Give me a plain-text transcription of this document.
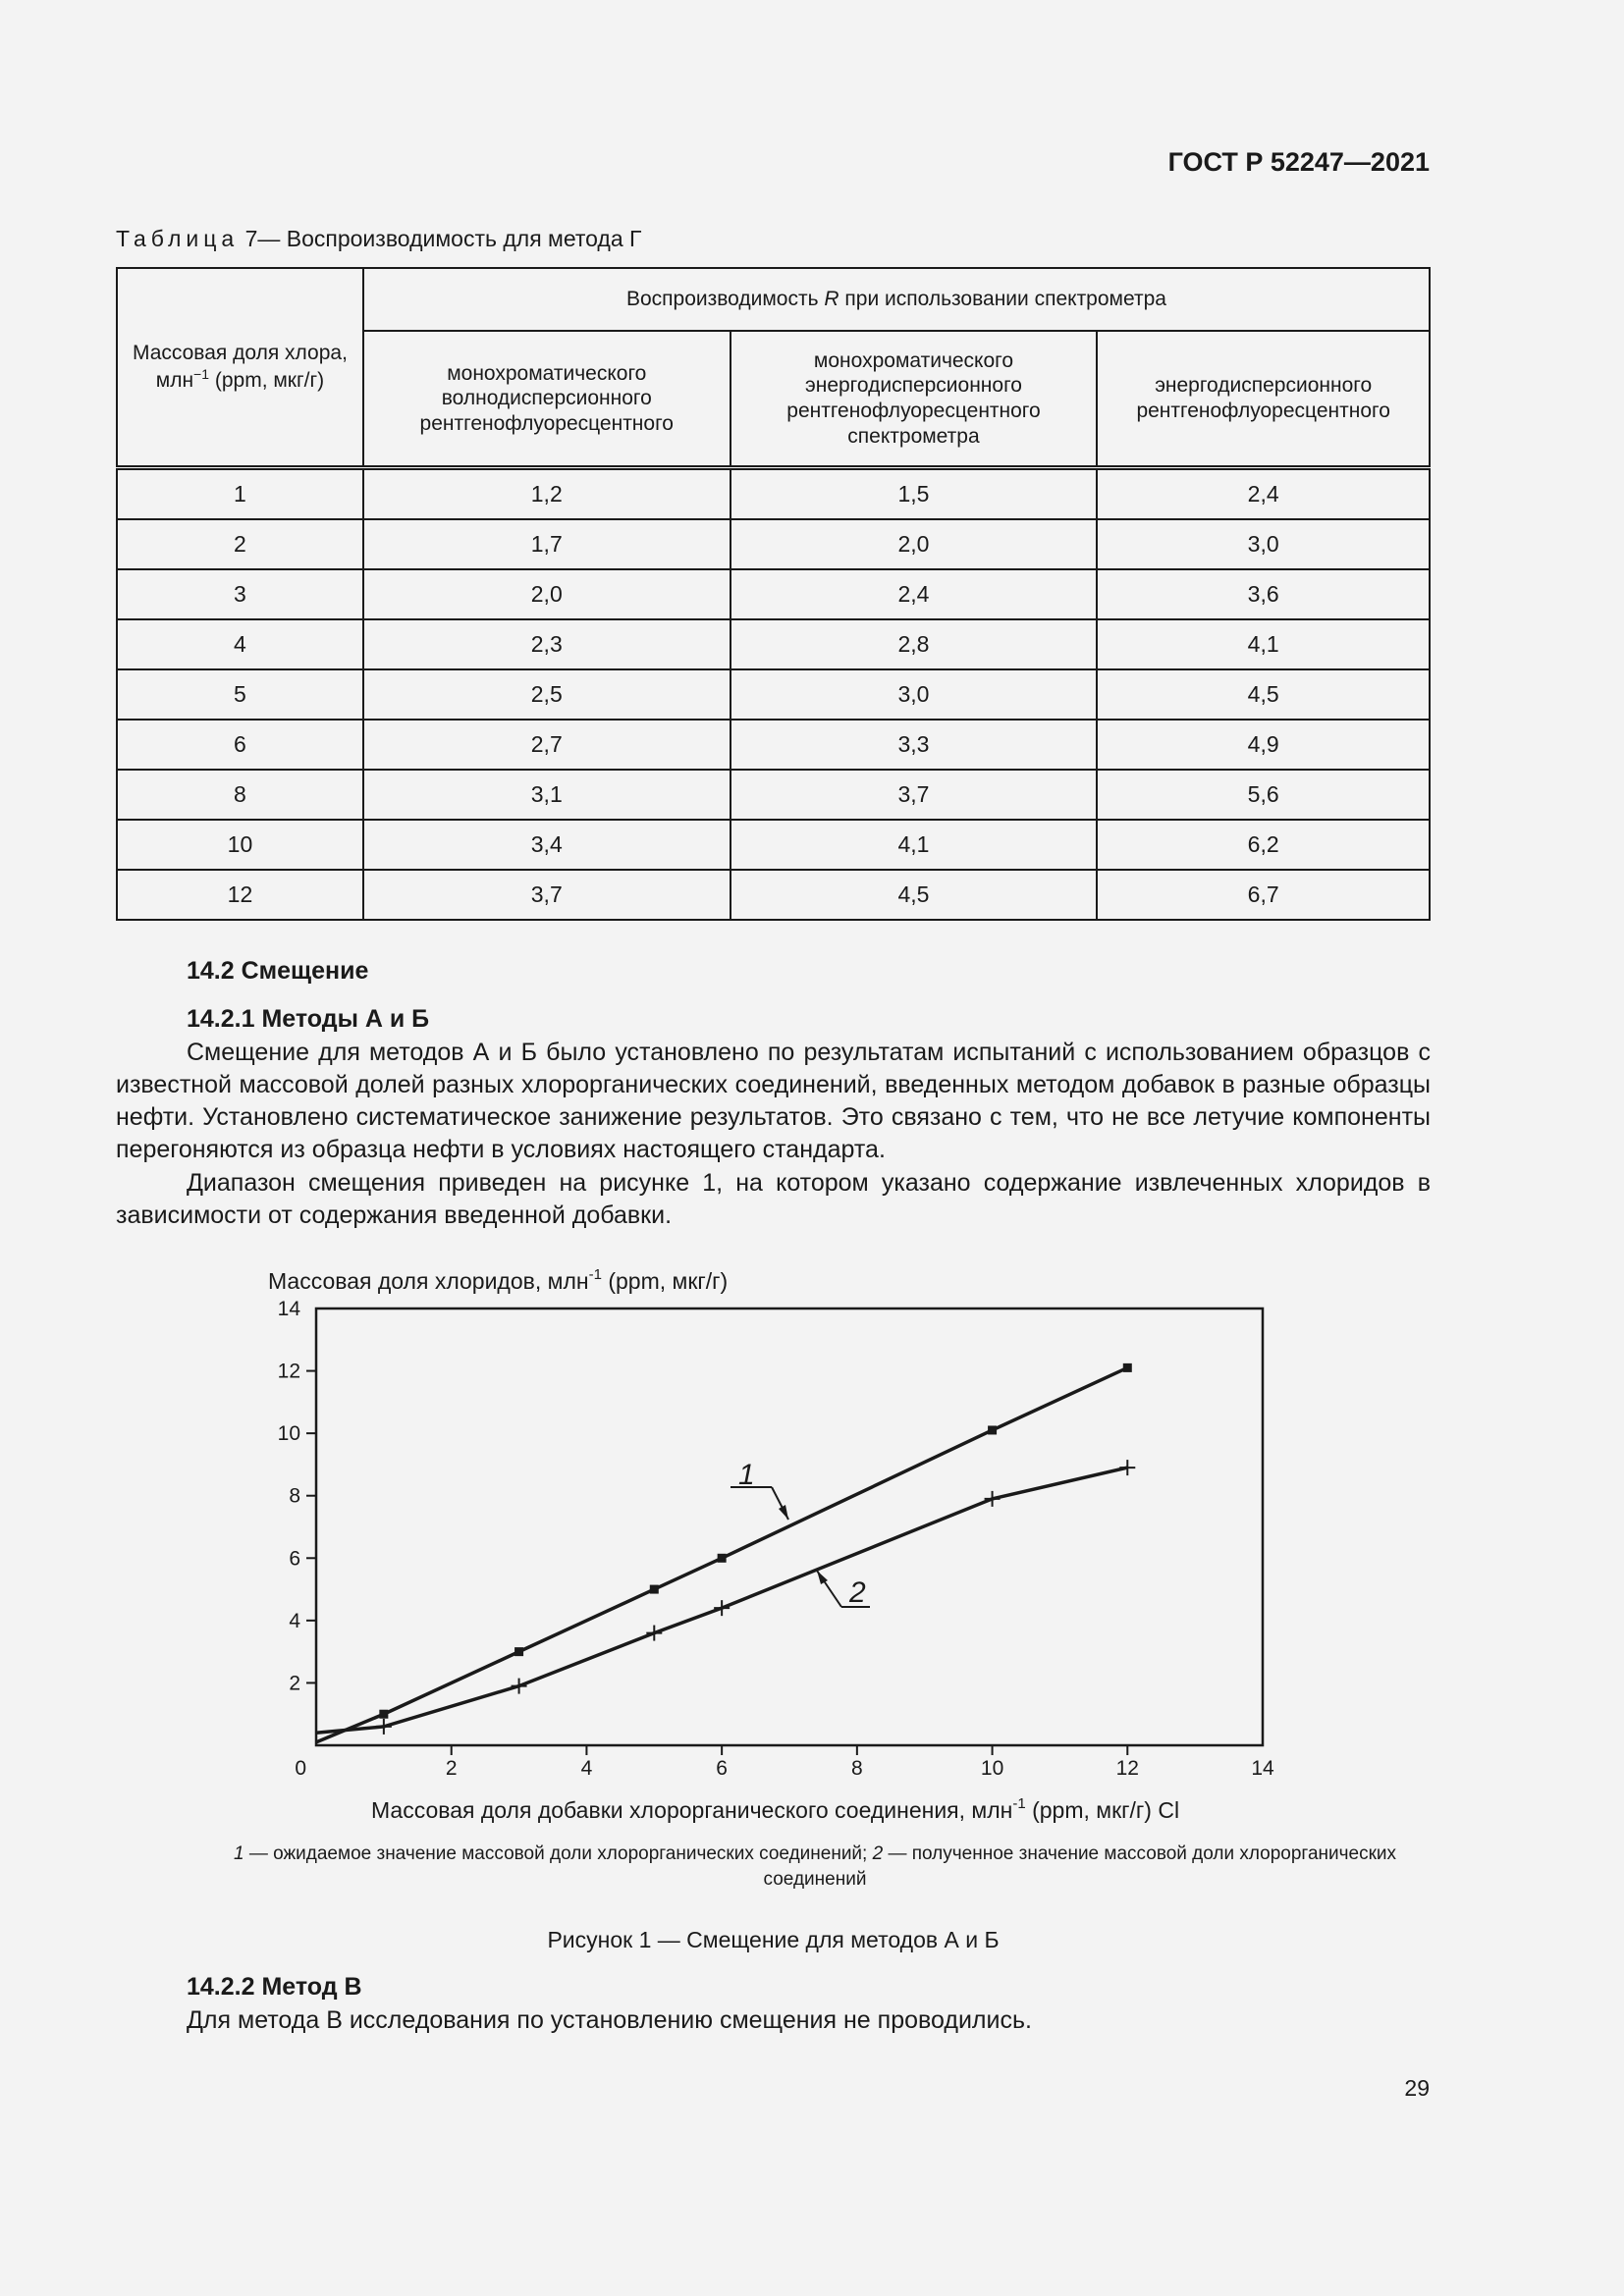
ГОСТ Р 52247—2021
Таблица 7— Воспроизводимость для метода Г
Массовая доля хлора, млн$^{-1}$ (ppm, мкг/г)	Воспроизводимость R при использовании спектрометра		
	монохроматического волнодисперсионного рентгенофлуоресцентного	монохроматического энергодисперсионного рентгенофлуоресцентного спектрометра	энергодисперсионного рентгенофлуоресцентного
1	1,2	1,5	2,4
2	1,7	2,0	3,0
3	2,0	2,4	3,6
4	2,3	2,8	4,1
5	2,5	3,0	4,5
6	2,7	3,3	4,9
8	3,1	3,7	5,6
10	3,4	4,1	6,2
12	3,7	4,5	6,7
14.2 Смещение
14.2.1 Методы А и Б
Смещение для методов А и Б было установлено по результатам испытаний с использованием образцов с известной массовой долей разных хлорорганических соединений, введенных методом добавок в разные образцы нефти. Установлено систематическое занижение результатов. Это связано с тем, что не все летучие компоненты перегоняются из образца нефти в условиях настоящего стандарта.
Диапазон смещения приведен на рисунке 1, на котором указано содержание извлеченных хлоридов в зависимости от содержания введенной добавки.
Массовая доля хлоридов, млн$^{-1}$ (ppm, мкг/г)
0	2	4	6	8	10	12	14
2
4
6
8
10
12
14
Массовая доля добавки хлорорганического соединения, млн$^{-1}$ (ppm, мкг/г) Cl
1
2
1 — ожидаемое значение массовой доли хлорорганических соединений; 2 — полученное значение массовой доли хлорорганических соединений
Рисунок 1 — Смещение для методов А и Б
14.2.2 Метод В
Для метода В исследования по установлению смещения не проводились.
29
